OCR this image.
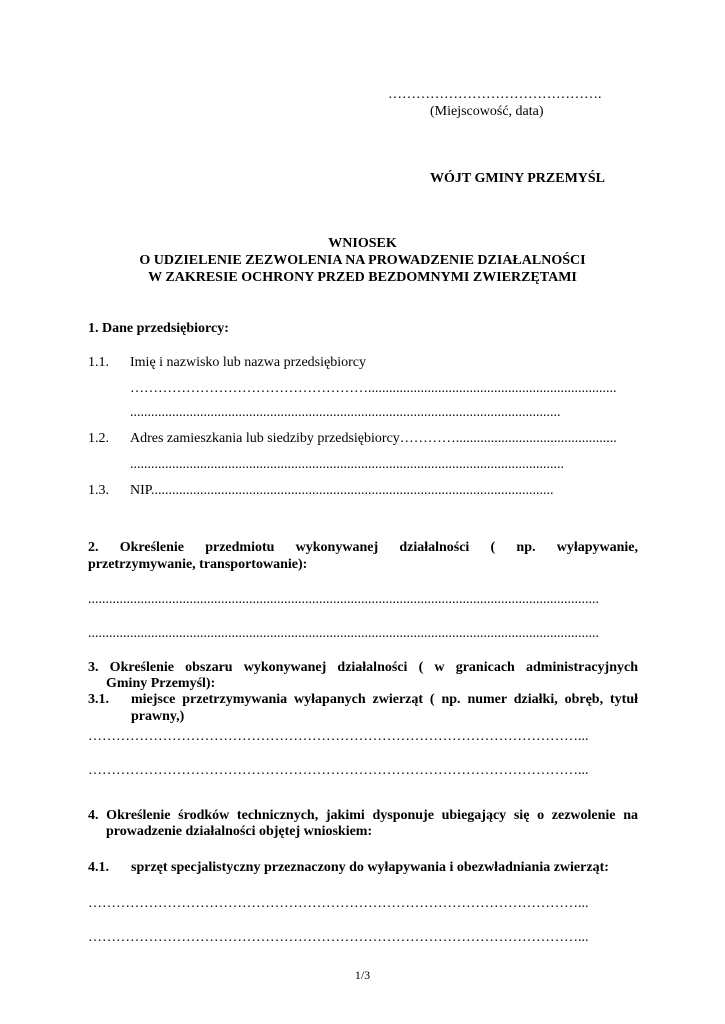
……………………………………….
(Miejscowość, data)
WÓJT GMINY PRZEMYŚL
WNIOSEK
O UDZIELENIE ZEZWOLENIA NA PROWADZENIE DZIAŁALNOŚCI
W ZAKRESIE OCHRONY PRZED BEZDOMNYMI ZWIERZĘTAMI
1. Dane przedsiębiorcy:
1.1. Imię i nazwisko lub nazwa przedsiębiorcy
…………………………………………….......................................................................
...........................................................................................................................
1.2. Adres zamieszkania lub siedziby przedsiębiorcy…………..............................................
............................................................................................................................
1.3. NIP...................................................................................................................
2. Określenie przedmiotu wykonywanej działalności ( np. wyłapywanie,
przetrzymywanie, transportowanie):
..................................................................................................................................................
..................................................................................................................................................
3. Określenie obszaru wykonywanej działalności ( w granicach administracyjnych
Gminy Przemyśl):
3.1. miejsce przetrzymywania wyłapanych zwierząt ( np. numer działki, obręb, tytuł
prawny,)
……………………………………………………………………………………………...
……………………………………………………………………………………………...
4. Określenie środków technicznych, jakimi dysponuje ubiegający się o zezwolenie na
prowadzenie działalności objętej wnioskiem:
4.1. sprzęt specjalistyczny przeznaczony do wyłapywania i obezwładniania zwierząt:
……………………………………………………………………………………………...
……………………………………………………………………………………………...
1/3
